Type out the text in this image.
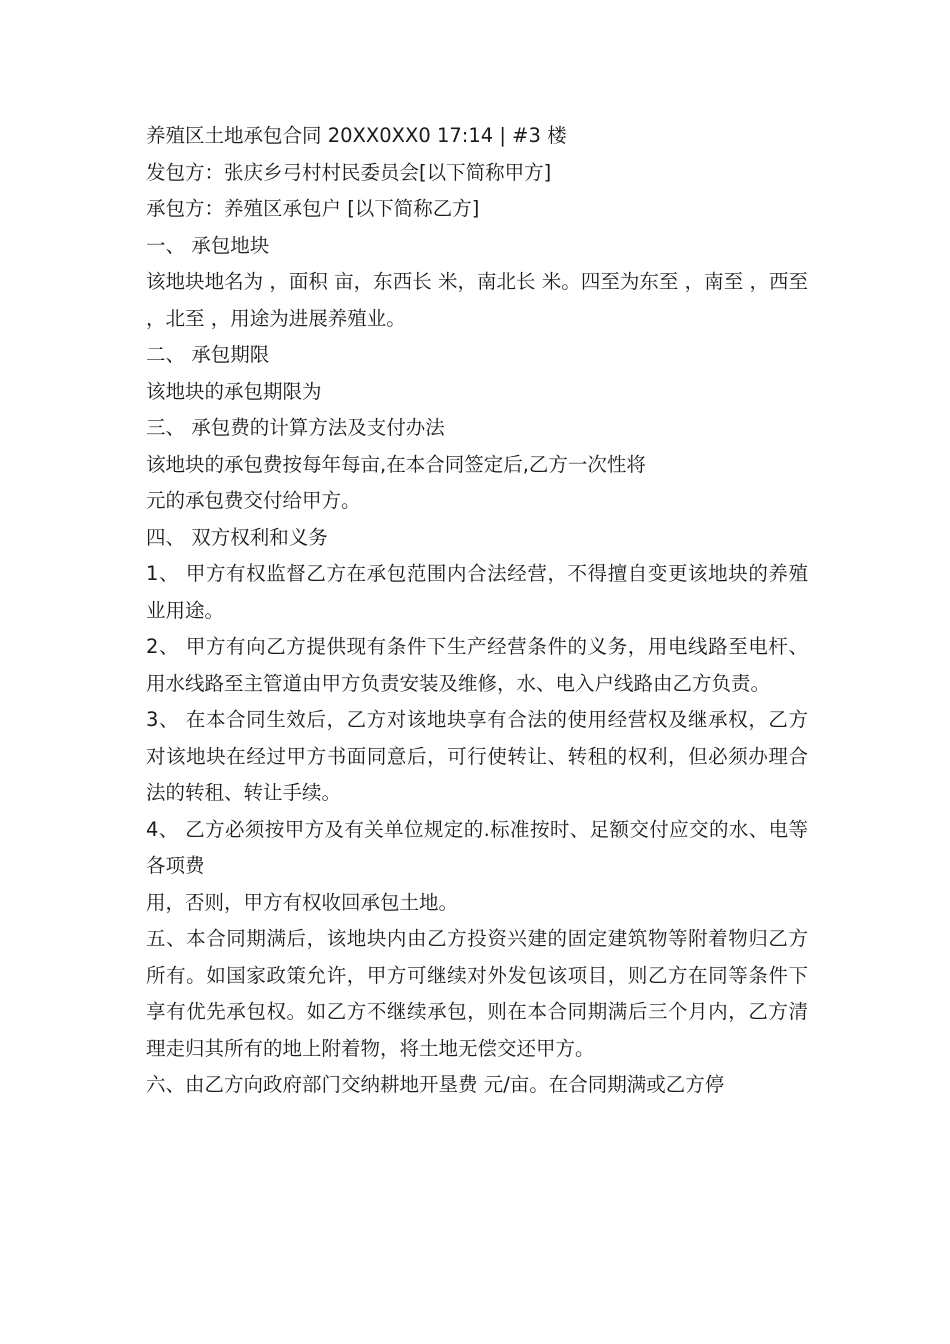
养殖区土地承包合同 20XX0XX0 17:14 | #3 楼

发包方：张庆乡弓村村民委员会[以下简称甲方]

承包方：养殖区承包户 [以下简称乙方]

一、 承包地块

该地块地名为 ，面积 亩，东西长 米，南北长 米。四至为东至 ，南至 ，西至 ，北至 ，用途为进展养殖业。

二、 承包期限

该地块的承包期限为

三、 承包费的计算方法及支付办法

该地块的承包费按每年每亩,在本合同签定后,乙方一次性将

元的承包费交付给甲方。

四、 双方权利和义务

1、 甲方有权监督乙方在承包范围内合法经营，不得擅自变更该地块的养殖业用途。

2、 甲方有向乙方提供现有条件下生产经营条件的义务，用电线路至电杆、用水线路至主管道由甲方负责安装及维修，水、电入户线路由乙方负责。

3、 在本合同生效后，乙方对该地块享有合法的使用经营权及继承权，乙方对该地块在经过甲方书面同意后，可行使转让、转租的权利，但必须办理合法的转租、转让手续。

4、 乙方必须按甲方及有关单位规定的.标准按时、足额交付应交的水、电等各项费

用，否则，甲方有权收回承包土地。

五、本合同期满后，该地块内由乙方投资兴建的固定建筑物等附着物归乙方所有。如国家政策允许，甲方可继续对外发包该项目，则乙方在同等条件下享有优先承包权。如乙方不继续承包，则在本合同期满后三个月内，乙方清理走归其所有的地上附着物，将土地无偿交还甲方。

六、由乙方向政府部门交纳耕地开垦费 元/亩。在合同期满或乙方停
